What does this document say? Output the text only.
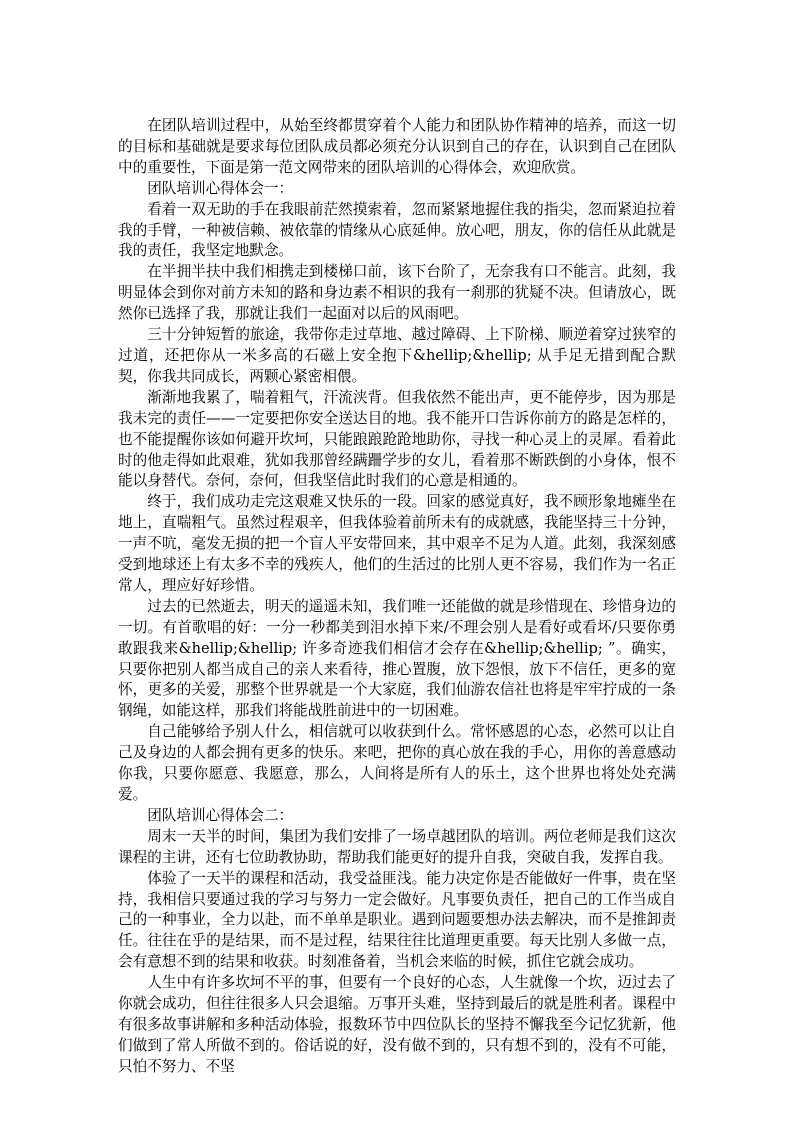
在团队培训过程中，从始至终都贯穿着个人能力和团队协作精神的培养，而这一切的目标和基础就是要求每位团队成员都必须充分认识到自己的存在，认识到自己在团队中的重要性，下面是第一范文网带来的团队培训的心得体会，欢迎欣赏。

团队培训心得体会一：

看着一双无助的手在我眼前茫然摸索着，忽而紧紧地握住我的指尖，忽而紧迫拉着我的手臂，一种被信赖、被依靠的情缘从心底延伸。放心吧，朋友，你的信任从此就是我的责任，我坚定地默念。

在半拥半扶中我们相携走到楼梯口前，该下台阶了，无奈我有口不能言。此刻，我明显体会到你对前方未知的路和身边素不相识的我有一刹那的犹疑不决。但请放心，既然你已选择了我，那就让我们一起面对以后的风雨吧。

三十分钟短暂的旅途，我带你走过草地、越过障碍、上下阶梯、顺逆着穿过狭窄的过道，还把你从一米多高的石磁上安全抱下&hellip;&hellip; 从手足无措到配合默契，你我共同成长，两颗心紧密相偎。

渐渐地我累了，喘着粗气，汗流浃背。但我依然不能出声，更不能停步，因为那是我未完的责任——一定要把你安全送达目的地。我不能开口告诉你前方的路是怎样的，也不能提醒你该如何避开坎坷，只能踉踉跄跄地助你，寻找一种心灵上的灵犀。看着此时的他走得如此艰难，犹如我那曾经蹒跚学步的女儿，看着那不断跌倒的小身体，恨不能以身替代。奈何，奈何，但我坚信此时我们的心意是相通的。

终于，我们成功走完这艰难又快乐的一段。回家的感觉真好，我不顾形象地瘫坐在地上，直喘粗气。虽然过程艰辛，但我体验着前所未有的成就感，我能坚持三十分钟，一声不吭，毫发无损的把一个盲人平安带回来，其中艰辛不足为人道。此刻，我深刻感受到地球还上有太多不幸的残疾人，他们的生活过的比别人更不容易，我们作为一名正常人，理应好好珍惜。

过去的已然逝去，明天的遥遥未知，我们唯一还能做的就是珍惜现在、珍惜身边的一切。有首歌唱的好：一分一秒都美到泪水掉下来/不理会别人是看好或看坏/只要你勇敢跟我来&hellip;&hellip; 许多奇迹我们相信才会存在&hellip;&hellip; ”。确实，只要你把别人都当成自己的亲人来看待，推心置腹，放下怨恨，放下不信任，更多的宽怀，更多的关爱，那整个世界就是一个大家庭，我们仙游农信社也将是牢牢拧成的一条钢绳，如能这样，那我们将能战胜前进中的一切困难。

自己能够给予别人什么，相信就可以收获到什么。常怀感恩的心态，必然可以让自己及身边的人都会拥有更多的快乐。来吧，把你的真心放在我的手心，用你的善意感动你我，只要你愿意、我愿意，那么，人间将是所有人的乐土，这个世界也将处处充满爱。

团队培训心得体会二：

周末一天半的时间，集团为我们安排了一场卓越团队的培训。两位老师是我们这次课程的主讲，还有七位助教协助，帮助我们能更好的提升自我，突破自我，发挥自我。

体验了一天半的课程和活动，我受益匪浅。能力决定你是否能做好一件事，贵在坚持，我相信只要通过我的学习与努力一定会做好。凡事要负责任，把自己的工作当成自己的一种事业，全力以赴，而不单单是职业。遇到问题要想办法去解决，而不是推卸责任。往往在乎的是结果，而不是过程，结果往往比道理更重要。每天比别人多做一点，会有意想不到的结果和收获。时刻准备着，当机会来临的时候，抓住它就会成功。

人生中有许多坎坷不平的事，但要有一个良好的心态，人生就像一个坎，迈过去了你就会成功，但往往很多人只会退缩。万事开头难，坚持到最后的就是胜利者。课程中有很多故事讲解和多种活动体验，报数环节中四位队长的坚持不懈我至今记忆犹新，他们做到了常人所做不到的。俗话说的好，没有做不到的，只有想不到的，没有不可能，只怕不努力、不坚
